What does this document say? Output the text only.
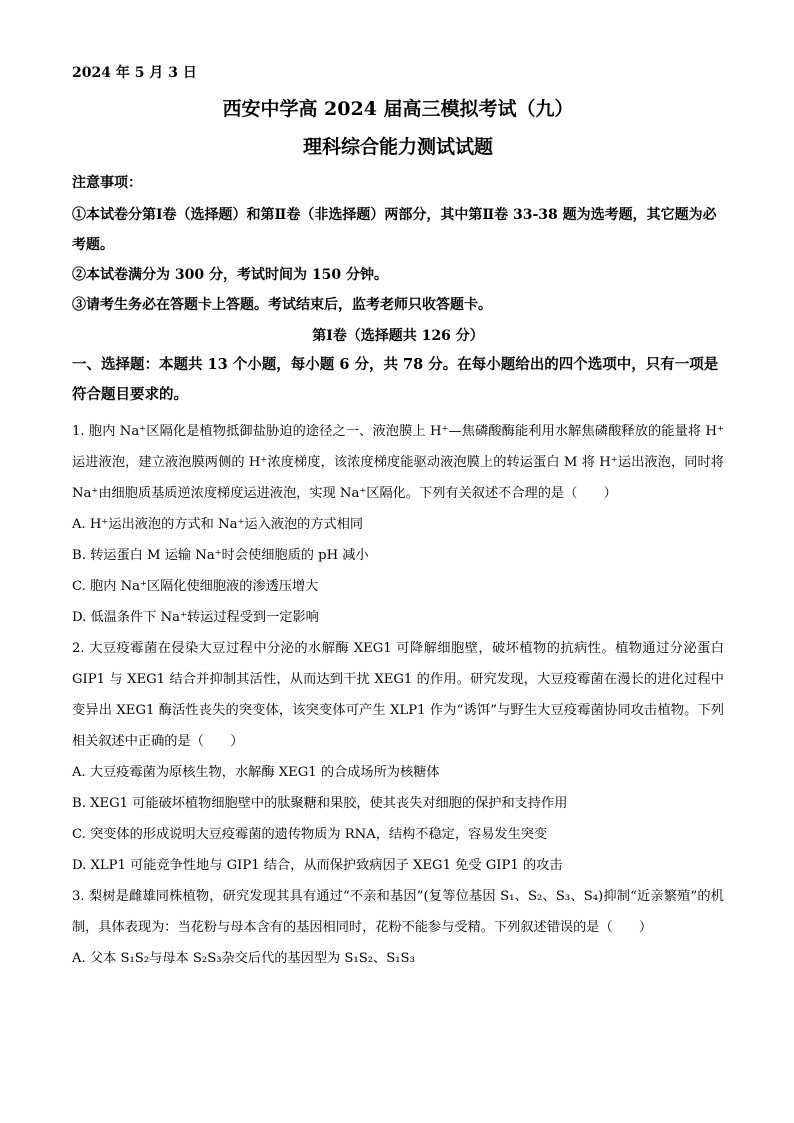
2024 年 5 月 3 日

西安中学高 2024 届高三模拟考试（九）

理科综合能力测试试题

注意事项：

①本试卷分第Ⅰ卷（选择题）和第Ⅱ卷（非选择题）两部分，其中第Ⅱ卷 33-38 题为选考题，其它题为必考题。

②本试卷满分为 300 分，考试时间为 150 分钟。

③请考生务必在答题卡上答题。考试结束后，监考老师只收答题卡。

第Ⅰ卷（选择题共 126 分）

一、选择题：本题共 13 个小题，每小题 6 分，共 78 分。在每小题给出的四个选项中，只有一项是符合题目要求的。

1. 胞内 Na⁺区隔化是植物抵御盐胁迫的途径之一、液泡膜上 H⁺—焦磷酸酶能利用水解焦磷酸释放的能量将 H⁺运进液泡，建立液泡膜两侧的 H⁺浓度梯度，该浓度梯度能驱动液泡膜上的转运蛋白 M 将 H⁺运出液泡，同时将 Na⁺由细胞质基质逆浓度梯度运进液泡，实现 Na⁺区隔化。下列有关叙述不合理的是（　　）

A. H⁺运出液泡的方式和 Na⁺运入液泡的方式相同

B. 转运蛋白 M 运输 Na⁺时会使细胞质的 pH 减小

C. 胞内 Na⁺区隔化使细胞液的渗透压增大

D. 低温条件下 Na⁺转运过程受到一定影响

2. 大豆疫霉菌在侵染大豆过程中分泌的水解酶 XEG1 可降解细胞壁，破坏植物的抗病性。植物通过分泌蛋白 GIP1 与 XEG1 结合并抑制其活性，从而达到干扰 XEG1 的作用。研究发现，大豆疫霉菌在漫长的进化过程中变异出 XEG1 酶活性丧失的突变体，该突变体可产生 XLP1 作为“诱饵”与野生大豆疫霉菌协同攻击植物。下列相关叙述中正确的是（　　）

A. 大豆疫霉菌为原核生物，水解酶 XEG1 的合成场所为核糖体

B. XEG1 可能破坏植物细胞壁中的肽聚糖和果胶，使其丧失对细胞的保护和支持作用

C. 突变体的形成说明大豆疫霉菌的遗传物质为 RNA，结构不稳定，容易发生突变

D. XLP1 可能竞争性地与 GIP1 结合，从而保护致病因子 XEG1 免受 GIP1 的攻击

3. 梨树是雌雄同株植物，研究发现其具有通过“不亲和基因”(复等位基因 S₁、S₂、S₃、S₄)抑制“近亲繁殖”的机制，具体表现为：当花粉与母本含有的基因相同时，花粉不能参与受精。下列叙述错误的是（　　）

A. 父本 S₁S₂与母本 S₂S₃杂交后代的基因型为 S₁S₂、S₁S₃
